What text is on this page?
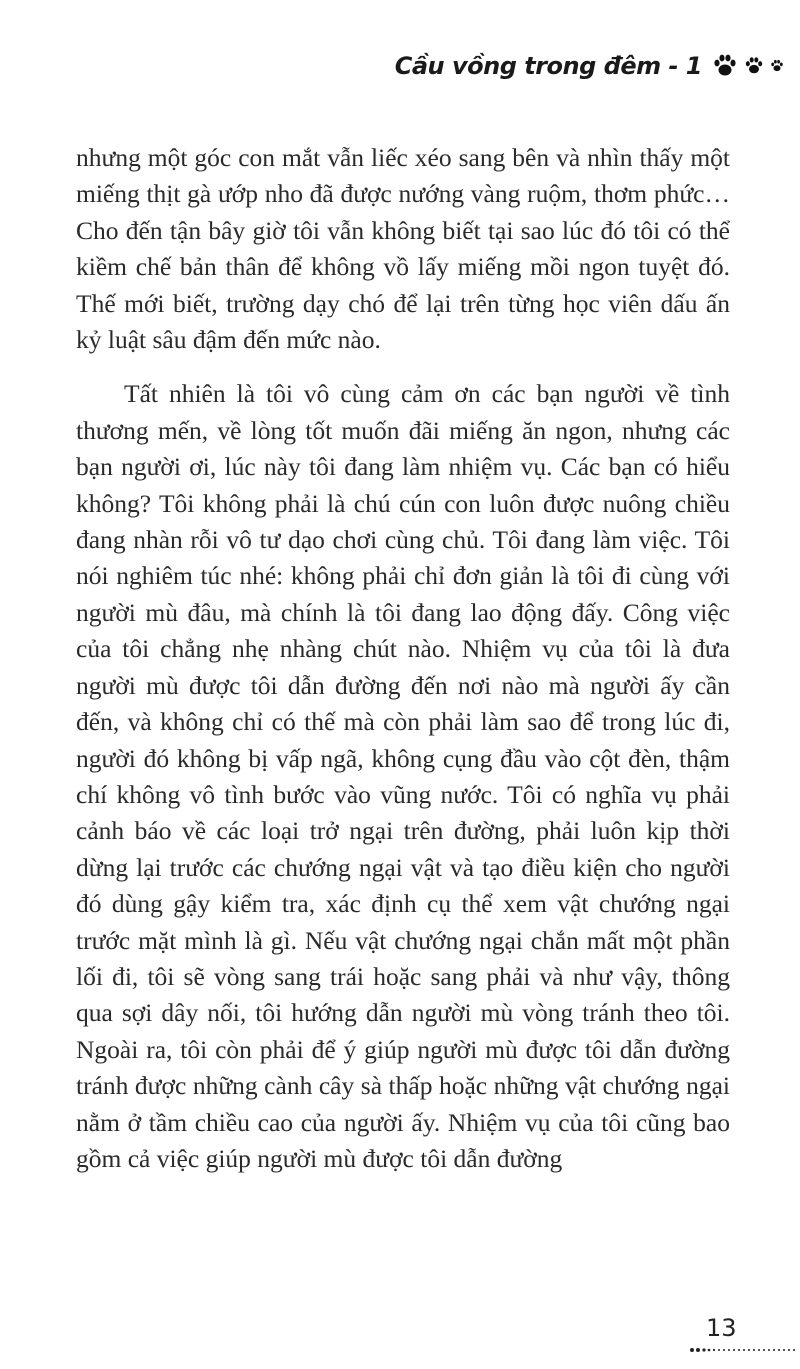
Cầu vồng trong đêm - 1

nhưng một góc con mắt vẫn liếc xéo sang bên và nhìn thấy một miếng thịt gà ướp nho đã được nướng vàng ruộm, thơm phức… Cho đến tận bây giờ tôi vẫn không biết tại sao lúc đó tôi có thể kiềm chế bản thân để không vồ lấy miếng mồi ngon tuyệt đó. Thế mới biết, trường dạy chó để lại trên từng học viên dấu ấn kỷ luật sâu đậm đến mức nào.

Tất nhiên là tôi vô cùng cảm ơn các bạn người về tình thương mến, về lòng tốt muốn đãi miếng ăn ngon, nhưng các bạn người ơi, lúc này tôi đang làm nhiệm vụ. Các bạn có hiểu không? Tôi không phải là chú cún con luôn được nuông chiều đang nhàn rỗi vô tư dạo chơi cùng chủ. Tôi đang làm việc. Tôi nói nghiêm túc nhé: không phải chỉ đơn giản là tôi đi cùng với người mù đâu, mà chính là tôi đang lao động đấy. Công việc của tôi chẳng nhẹ nhàng chút nào. Nhiệm vụ của tôi là đưa người mù được tôi dẫn đường đến nơi nào mà người ấy cần đến, và không chỉ có thế mà còn phải làm sao để trong lúc đi, người đó không bị vấp ngã, không cụng đầu vào cột đèn, thậm chí không vô tình bước vào vũng nước. Tôi có nghĩa vụ phải cảnh báo về các loại trở ngại trên đường, phải luôn kịp thời dừng lại trước các chướng ngại vật và tạo điều kiện cho người đó dùng gậy kiểm tra, xác định cụ thể xem vật chướng ngại trước mặt mình là gì. Nếu vật chướng ngại chắn mất một phần lối đi, tôi sẽ vòng sang trái hoặc sang phải và như vậy, thông qua sợi dây nối, tôi hướng dẫn người mù vòng tránh theo tôi. Ngoài ra, tôi còn phải để ý giúp người mù được tôi dẫn đường tránh được những cành cây sà thấp hoặc những vật chướng ngại nằm ở tầm chiều cao của người ấy. Nhiệm vụ của tôi cũng bao gồm cả việc giúp người mù được tôi dẫn đường

13
